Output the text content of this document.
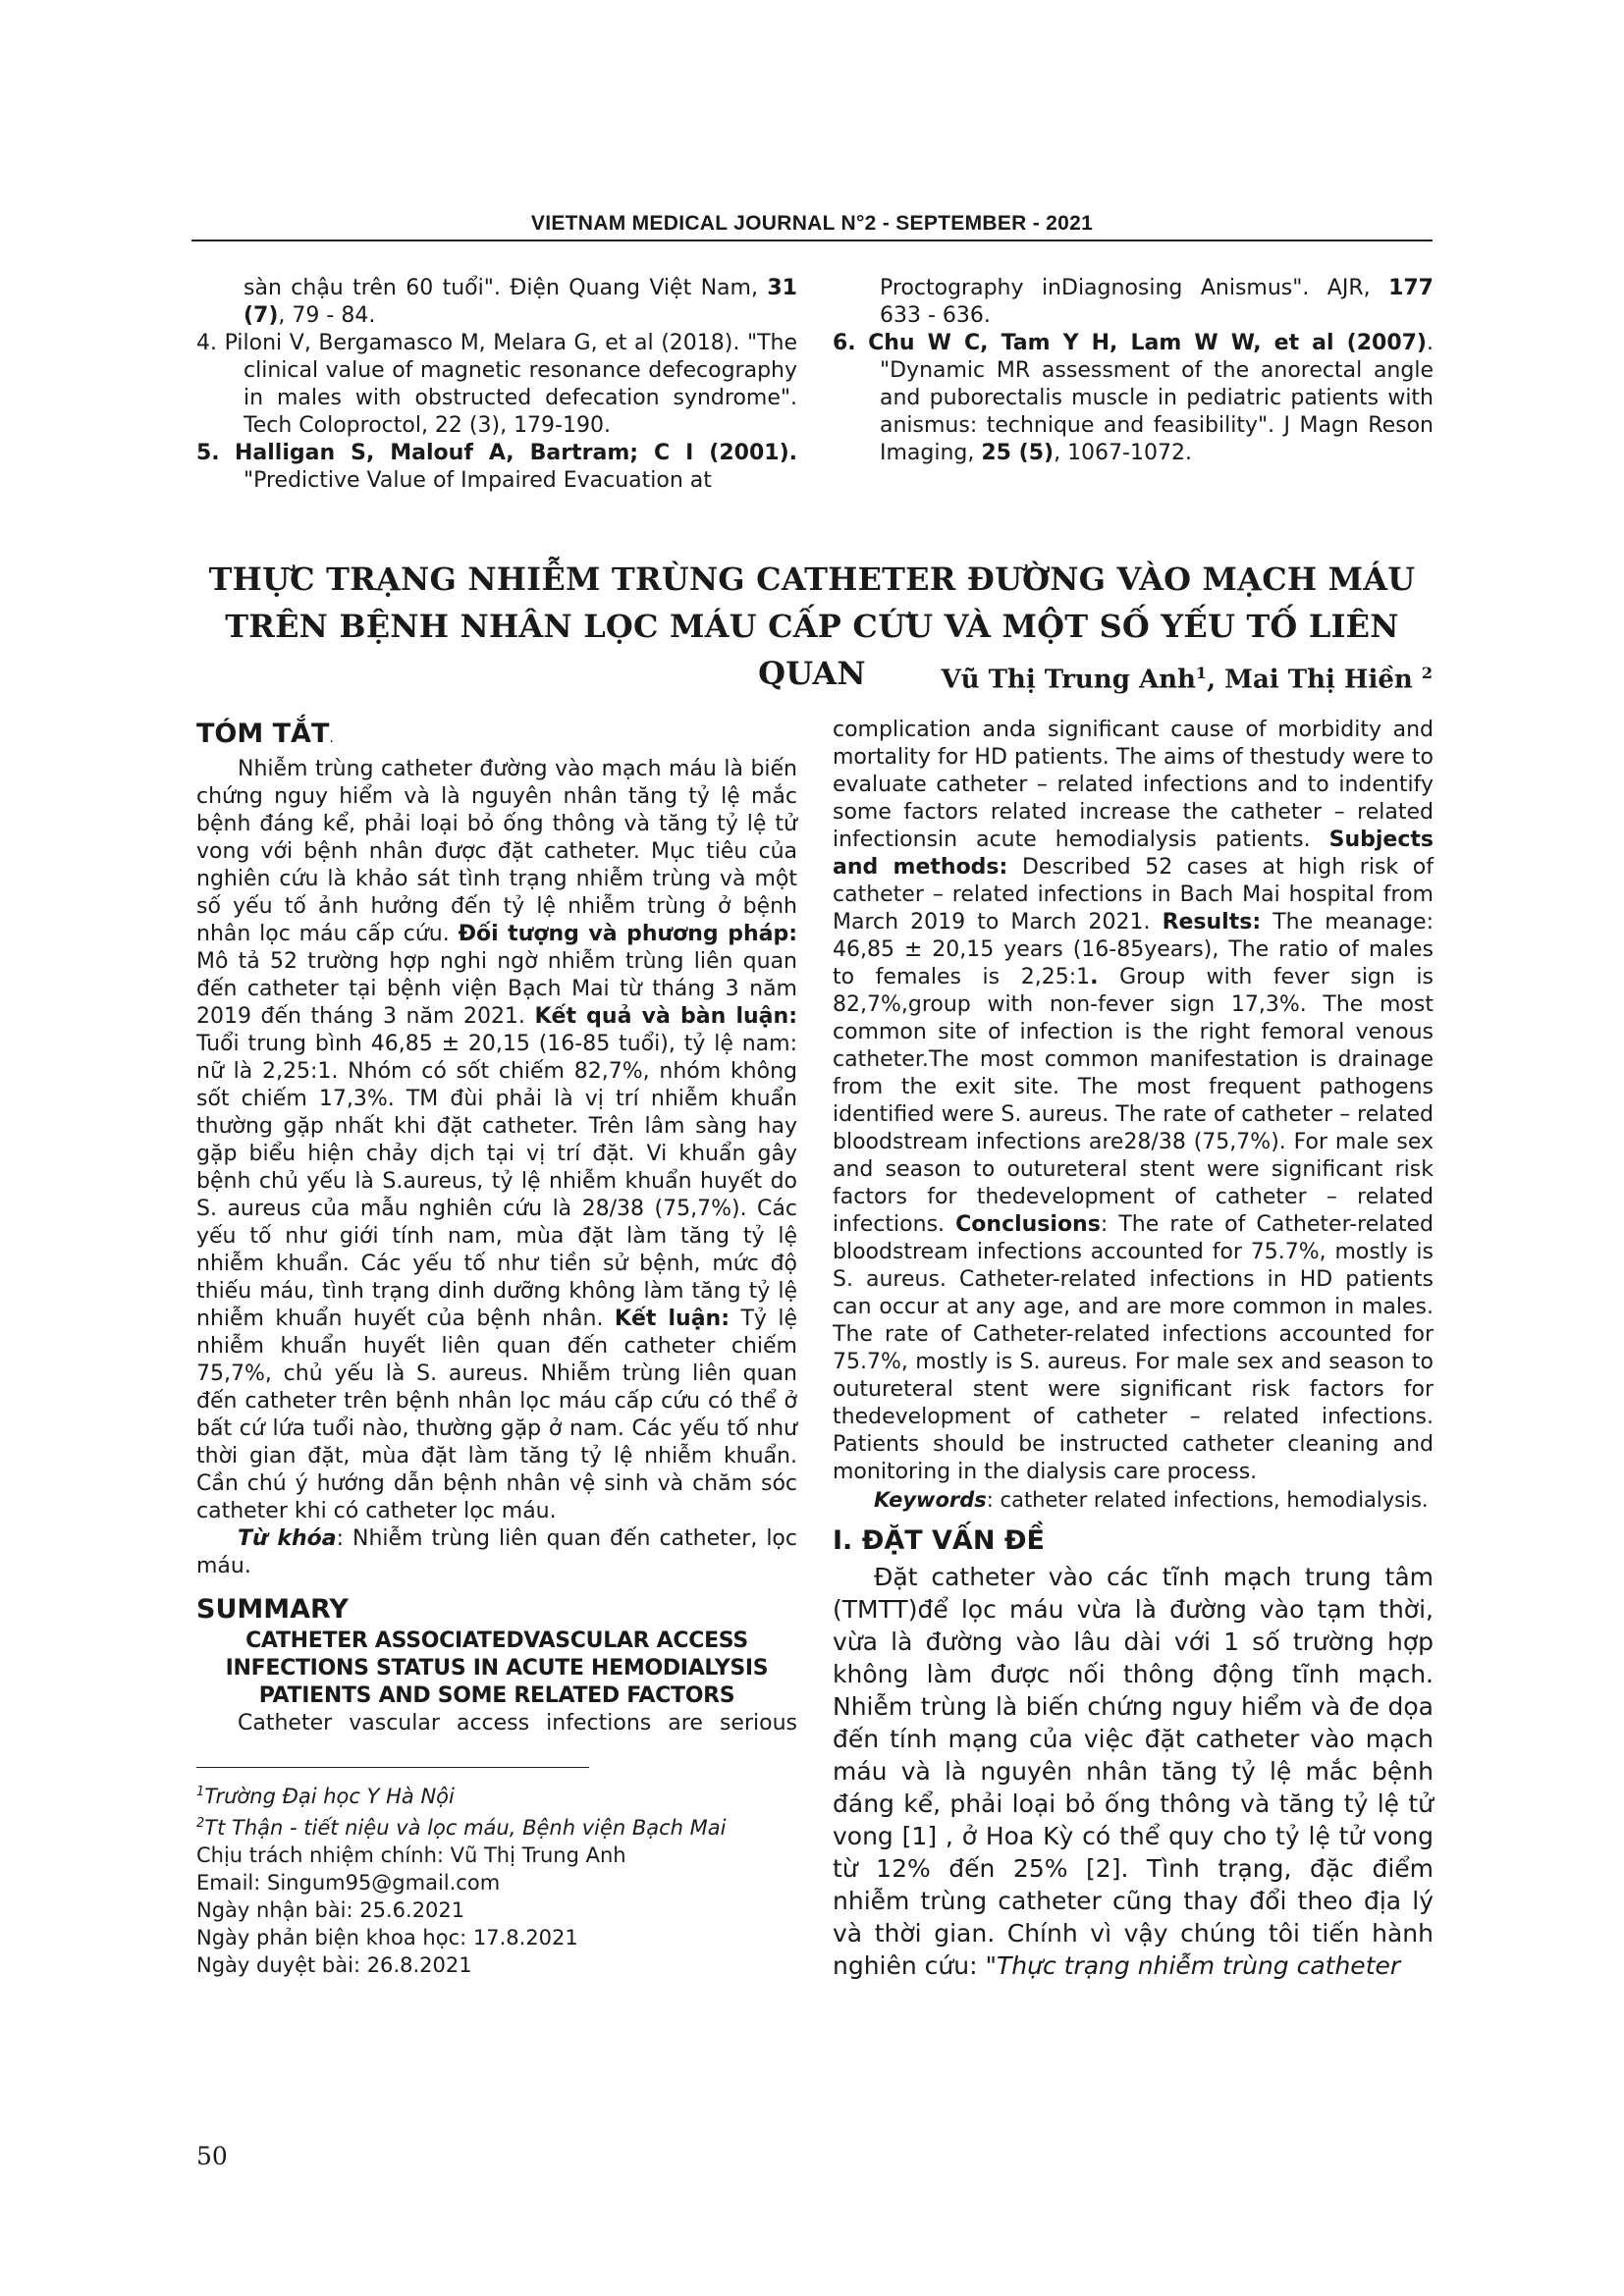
VIETNAM MEDICAL JOURNAL N°2 - SEPTEMBER - 2021

sàn chậu trên 60 tuổi". Điện Quang Việt Nam, 31 (7), 79 - 84.

4. Piloni V, Bergamasco M, Melara G, et al (2018). "The clinical value of magnetic resonance defecography in males with obstructed defecation syndrome". Tech Coloproctol, 22 (3), 179-190.

5. Halligan S, Malouf A, Bartram; C I (2001). "Predictive Value of Impaired Evacuation at

Proctography inDiagnosing Anismus". AJR, 177 633 - 636.

6. Chu W C, Tam Y H, Lam W W, et al (2007). "Dynamic MR assessment of the anorectal angle and puborectalis muscle in pediatric patients with anismus: technique and feasibility". J Magn Reson Imaging, 25 (5), 1067-1072.

THỰC TRẠNG NHIỄM TRÙNG CATHETER ĐƯỜNG VÀO MẠCH MÁU
TRÊN BỆNH NHÂN LỌC MÁU CẤP CỨU VÀ MỘT SỐ YẾU TỐ LIÊN QUAN	Vũ Thị Trung Anh$^1$, Mai Thị Hiền $^2$
TÓM TẮT.

Nhiễm trùng catheter đường vào mạch máu là biến chứng nguy hiểm và là nguyên nhân tăng tỷ lệ mắc bệnh đáng kể, phải loại bỏ ống thông và tăng tỷ lệ tử vong với bệnh nhân được đặt catheter. Mục tiêu của nghiên cứu là khảo sát tình trạng nhiễm trùng và một số yếu tố ảnh hưởng đến tỷ lệ nhiễm trùng ở bệnh nhân lọc máu cấp cứu. Đối tượng và phương pháp: Mô tả 52 trường hợp nghi ngờ nhiễm trùng liên quan đến catheter tại bệnh viện Bạch Mai từ tháng 3 năm 2019 đến tháng 3 năm 2021. Kết quả và bàn luận: Tuổi trung bình 46,85 ± 20,15 (16-85 tuổi), tỷ lệ nam: nữ là 2,25:1. Nhóm có sốt chiếm 82,7%, nhóm không sốt chiếm 17,3%. TM đùi phải là vị trí nhiễm khuẩn thường gặp nhất khi đặt catheter. Trên lâm sàng hay gặp biểu hiện chảy dịch tại vị trí đặt. Vi khuẩn gây bệnh chủ yếu là S.aureus, tỷ lệ nhiễm khuẩn huyết do S. aureus của mẫu nghiên cứu là 28/38 (75,7%). Các yếu tố như giới tính nam, mùa đặt làm tăng tỷ lệ nhiễm khuẩn. Các yếu tố như tiền sử bệnh, mức độ thiếu máu, tình trạng dinh dưỡng không làm tăng tỷ lệ nhiễm khuẩn huyết của bệnh nhân. Kết luận: Tỷ lệ nhiễm khuẩn huyết liên quan đến catheter chiếm 75,7%, chủ yếu là S. aureus. Nhiễm trùng liên quan đến catheter trên bệnh nhân lọc máu cấp cứu có thể ở bất cứ lứa tuổi nào, thường gặp ở nam. Các yếu tố như thời gian đặt, mùa đặt làm tăng tỷ lệ nhiễm khuẩn. Cần chú ý hướng dẫn bệnh nhân vệ sinh và chăm sóc catheter khi có catheter lọc máu.

Từ khóa: Nhiễm trùng liên quan đến catheter, lọc máu.

SUMMARY
CATHETER ASSOCIATEDVASCULAR ACCESS
INFECTIONS STATUS IN ACUTE HEMODIALYSIS
PATIENTS AND SOME RELATED FACTORS

Catheter vascular access infections are serious

complication anda significant cause of morbidity and mortality for HD patients. The aims of thestudy were to evaluate catheter – related infections and to indentify some factors related increase the catheter – related infectionsin acute hemodialysis patients. Subjects and methods: Described 52 cases at high risk of catheter – related infections in Bach Mai hospital from March 2019 to March 2021. Results: The meanage: 46,85 ± 20,15 years (16-85years), The ratio of males to females is 2,25:1. Group with fever sign is 82,7%,group with non-fever sign 17,3%. The most common site of infection is the right femoral venous catheter.The most common manifestation is drainage from the exit site. The most frequent pathogens identified were S. aureus. The rate of catheter – related bloodstream infections are28/38 (75,7%). For male sex and season to outureteral stent were significant risk factors for thedevelopment of catheter – related infections. Conclusions: The rate of Catheter-related bloodstream infections accounted for 75.7%, mostly is S. aureus. Catheter-related infections in HD patients can occur at any age, and are more common in males. The rate of Catheter-related infections accounted for 75.7%, mostly is S. aureus. For male sex and season to outureteral stent were significant risk factors for thedevelopment of catheter – related infections. Patients should be instructed catheter cleaning and monitoring in the dialysis care process.

Keywords: catheter related infections, hemodialysis.

I. ĐẶT VẤN ĐỀ

Đặt catheter vào các tĩnh mạch trung tâm (TMTT)để lọc máu vừa là đường vào tạm thời, vừa là đường vào lâu dài với 1 số trường hợp không làm được nối thông động tĩnh mạch. Nhiễm trùng là biến chứng nguy hiểm và đe dọa đến tính mạng của việc đặt catheter vào mạch máu và là nguyên nhân tăng tỷ lệ mắc bệnh đáng kể, phải loại bỏ ống thông và tăng tỷ lệ tử vong [1] , ở Hoa Kỳ có thể quy cho tỷ lệ tử vong từ 12% đến 25% [2]. Tình trạng, đặc điểm nhiễm trùng catheter cũng thay đổi theo địa lý và thời gian. Chính vì vậy chúng tôi tiến hành nghiên cứu: "Thực trạng nhiễm trùng catheter

$^1$Trường Đại học Y Hà Nội

$^2$Tt Thận - tiết niệu và lọc máu, Bệnh viện Bạch Mai

Chịu trách nhiệm chính: Vũ Thị Trung Anh

Email: Singum95@gmail.com

Ngày nhận bài: 25.6.2021

Ngày phản biện khoa học: 17.8.2021

Ngày duyệt bài: 26.8.2021

50
